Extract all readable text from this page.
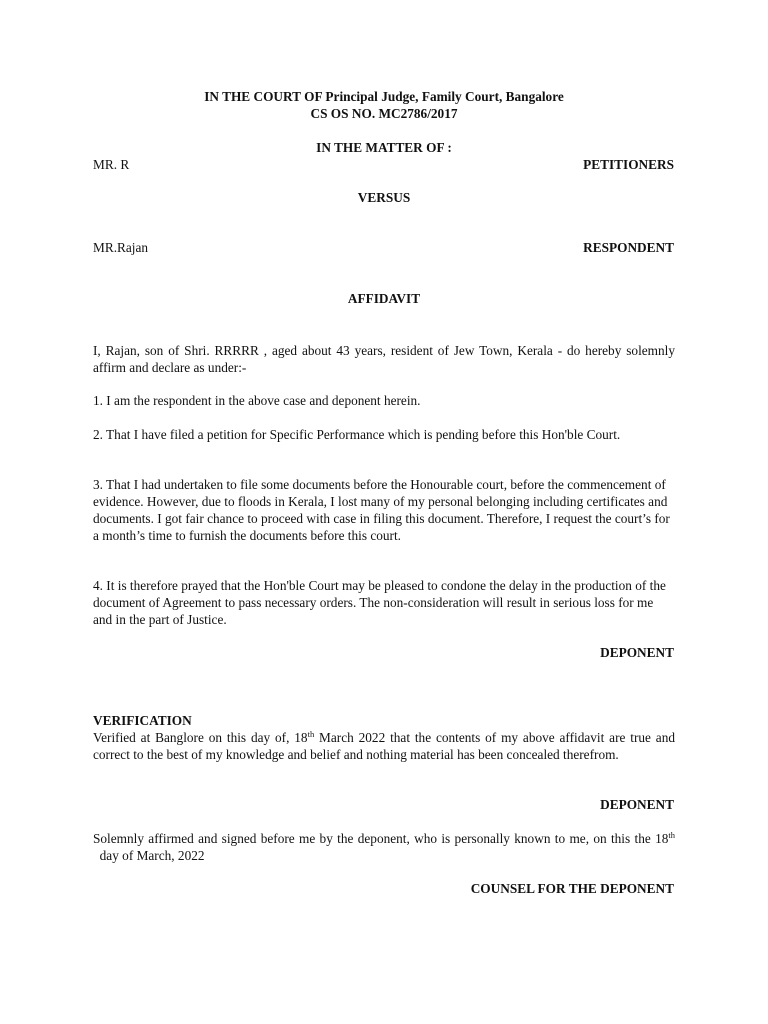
IN THE COURT OF Principal Judge, Family Court, Bangalore
CS OS NO. MC2786/2017
IN THE MATTER OF :
MR. R	PETITIONERS
VERSUS
MR.Rajan	RESPONDENT
AFFIDAVIT
I, Rajan, son of Shri. RRRRR , aged about 43 years, resident of Jew Town, Kerala - do hereby solemnly affirm and declare as under:-
1. I am the respondent in the above case and deponent herein.
2. That I have filed a petition for Specific Performance which is pending before this Hon'ble Court.
3. That I had undertaken to file some documents before the Honourable court, before the commencement of evidence. However, due to floods in Kerala, I lost many of my personal belonging including certificates and documents. I got fair chance to proceed with case in filing this document. Therefore, I request the court’s for a month’s time to furnish the documents before this court.
4. It is therefore prayed that the Hon'ble Court may be pleased to condone the delay in the production of the document of Agreement to pass necessary orders. The non-consideration will result in serious loss for me and in the part of Justice.
DEPONENT
VERIFICATION
Verified at Banglore on this day of, 18th March 2022 that the contents of my above affidavit are true and correct to the best of my knowledge and belief and nothing material has been concealed therefrom.
DEPONENT
Solemnly affirmed and signed before me by the deponent, who is personally known to me, on this the 18th  day of March, 2022
COUNSEL FOR THE DEPONENT
